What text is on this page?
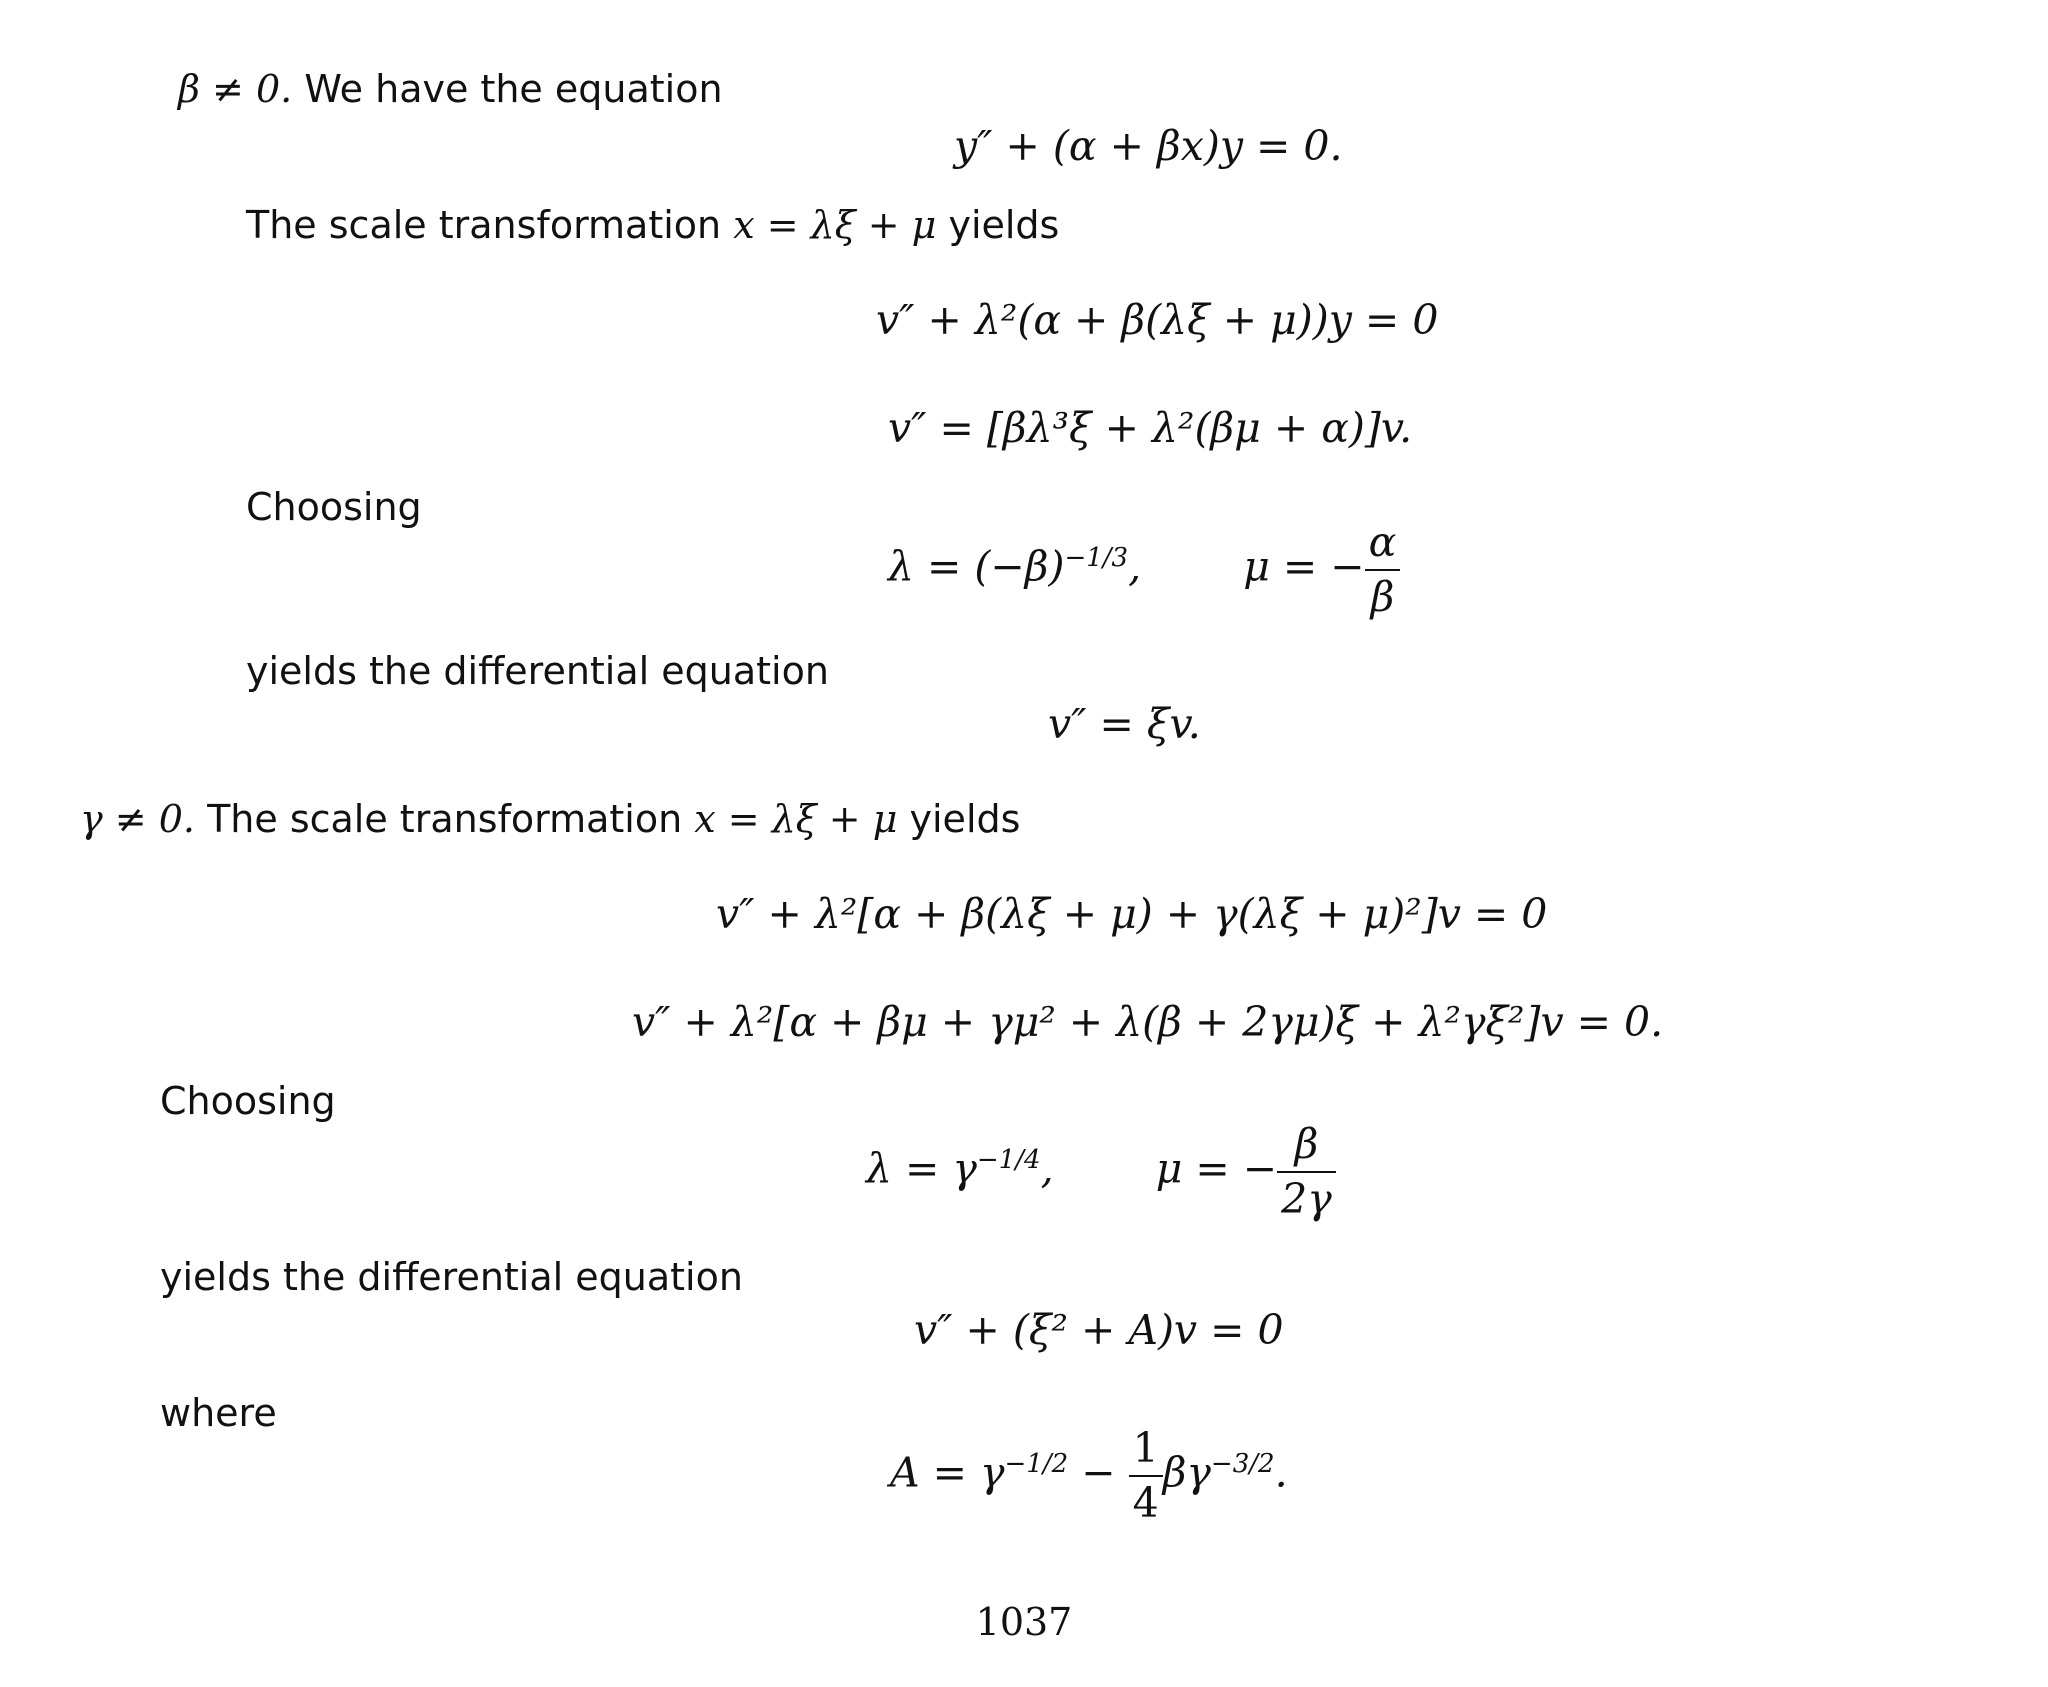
β ≠ 0. We have the equation
y″ + (α + βx)y = 0.
The scale transformation x = λξ + μ yields
v″ + λ²(α + β(λξ + μ))y = 0
v″ = [βλ³ξ + λ²(βμ + α)]v.
Choosing
$\lambda = (-\beta)^{-1/3}$, μ = − $\frac{\alpha}{\beta}$
yields the differential equation
v″ = ξv.
γ ≠ 0. The scale transformation x = λξ + μ yields
v″ + λ²[α + β(λξ + μ) + γ(λξ + μ)²]v = 0
v″ + λ²[α + βμ + γμ² + λ(β + 2γμ)ξ + λ²γξ²]v = 0.
Choosing
$\lambda = \gamma^{-1/4}$, μ = − $\frac{\beta}{2\gamma}$
yields the differential equation
v″ + (ξ² + A)v = 0
where
$A = \gamma^{-1/2} - \frac{1}{4} \beta\gamma^{-3/2}$.
1037
